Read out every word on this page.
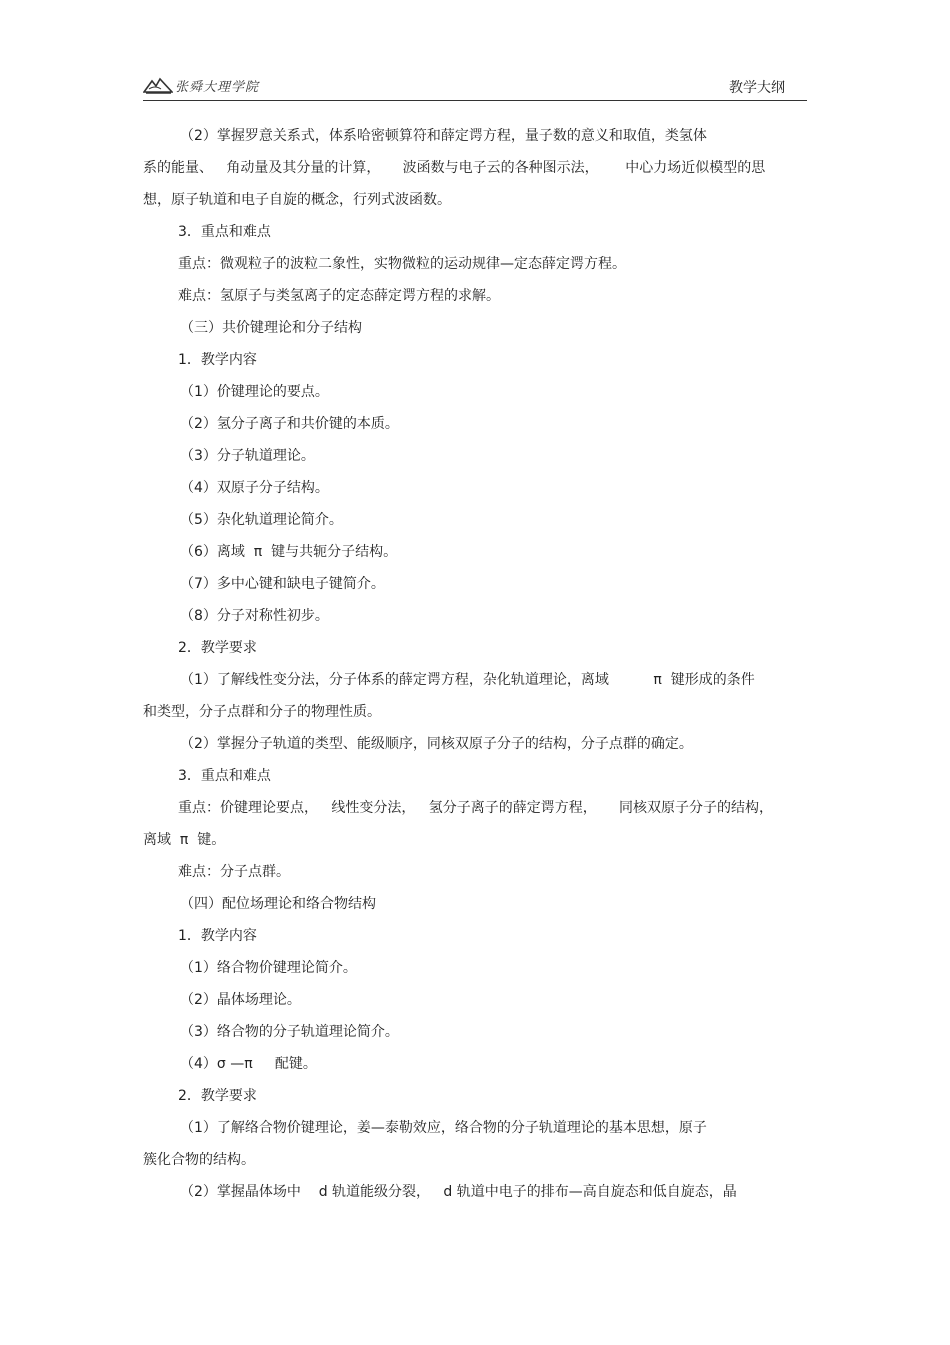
张舜大理学院	教学大纲
（2）掌握罗意关系式，体系哈密顿算符和薛定谔方程，量子数的意义和取值，类氢体
系的能量、   角动量及其分量的计算，     波函数与电子云的各种图示法，      中心力场近似模型的思
想，原子轨道和电子自旋的概念，行列式波函数。
3．重点和难点
重点：微观粒子的波粒二象性，实物微粒的运动规律—定态薛定谔方程。
难点：氢原子与类氢离子的定态薛定谔方程的求解。
（三）共价键理论和分子结构
1．教学内容
（1）价键理论的要点。
（2）氢分子离子和共价键的本质。
（3）分子轨道理论。
（4）双原子分子结构。
（5）杂化轨道理论简介。
（6）离域  π  键与共轭分子结构。
（7）多中心键和缺电子键简介。
（8）分子对称性初步。
2．教学要求
（1）了解线性变分法，分子体系的薛定谔方程，杂化轨道理论，离域          π  键形成的条件
和类型，分子点群和分子的物理性质。
（2）掌握分子轨道的类型、能级顺序，同核双原子分子的结构，分子点群的确定。
3．重点和难点
重点：价键理论要点，   线性变分法，   氢分子离子的薛定谔方程，     同核双原子分子的结构，
离域  π  键。
难点：分子点群。
（四）配位场理论和络合物结构
1．教学内容
（1）络合物价键理论简介。
（2）晶体场理论。
（3）络合物的分子轨道理论简介。
（4）σ —π     配键。
2．教学要求
（1）了解络合物价键理论，姜—泰勒效应，络合物的分子轨道理论的基本思想，原子
簇化合物的结构。
（2）掌握晶体场中    d 轨道能级分裂，   d 轨道中电子的排布—高自旋态和低自旋态，晶
